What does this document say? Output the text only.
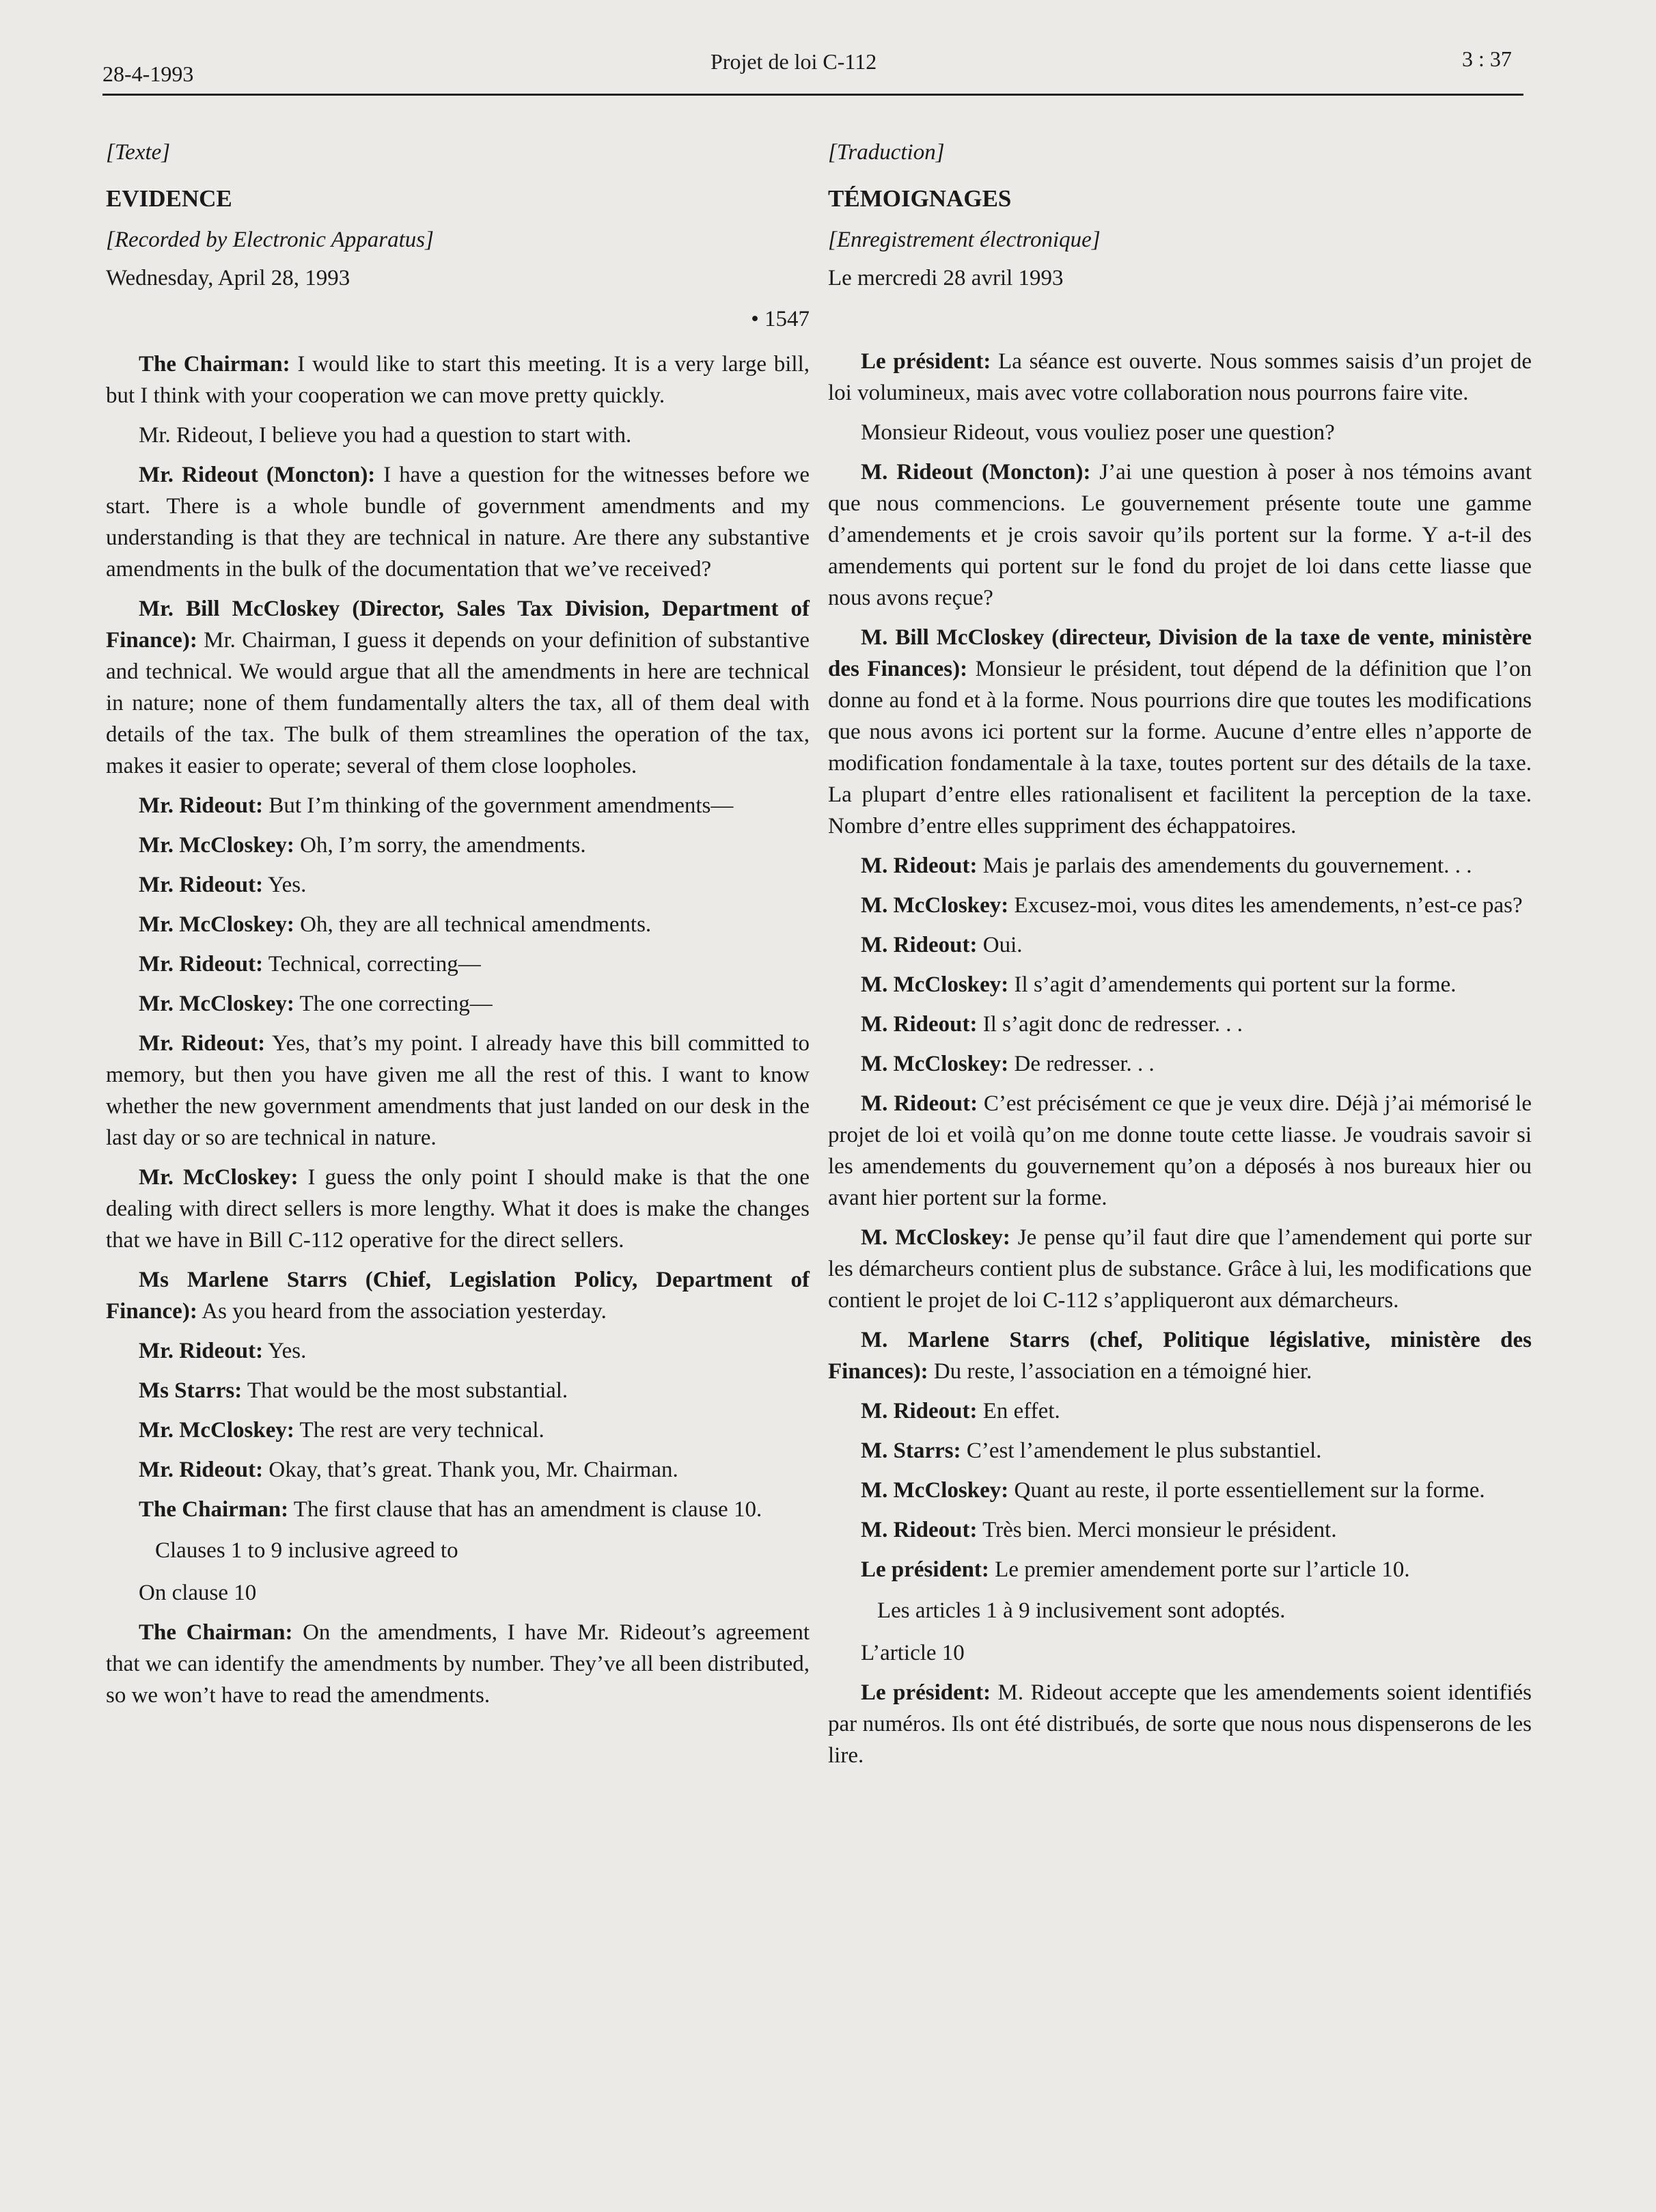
28-4-1993	Projet de loi C-112	3 : 37

[Texte]

EVIDENCE

[Recorded by Electronic Apparatus]

Wednesday, April 28, 1993

• 1547

The Chairman: I would like to start this meeting. It is a very large bill, but I think with your cooperation we can move pretty quickly.

Mr. Rideout, I believe you had a question to start with.

Mr. Rideout (Moncton): I have a question for the witnesses before we start. There is a whole bundle of government amendments and my understanding is that they are technical in nature. Are there any substantive amendments in the bulk of the documentation that we’ve received?

Mr. Bill McCloskey (Director, Sales Tax Division, Department of Finance): Mr. Chairman, I guess it depends on your definition of substantive and technical. We would argue that all the amendments in here are technical in nature; none of them fundamentally alters the tax, all of them deal with details of the tax. The bulk of them streamlines the operation of the tax, makes it easier to operate; several of them close loopholes.

Mr. Rideout: But I’m thinking of the government amendments—

Mr. McCloskey: Oh, I’m sorry, the amendments.

Mr. Rideout: Yes.

Mr. McCloskey: Oh, they are all technical amendments.

Mr. Rideout: Technical, correcting—

Mr. McCloskey: The one correcting—

Mr. Rideout: Yes, that’s my point. I already have this bill committed to memory, but then you have given me all the rest of this. I want to know whether the new government amendments that just landed on our desk in the last day or so are technical in nature.

Mr. McCloskey: I guess the only point I should make is that the one dealing with direct sellers is more lengthy. What it does is make the changes that we have in Bill C-112 operative for the direct sellers.

Ms Marlene Starrs (Chief, Legislation Policy, Department of Finance): As you heard from the association yesterday.

Mr. Rideout: Yes.

Ms Starrs: That would be the most substantial.

Mr. McCloskey: The rest are very technical.

Mr. Rideout: Okay, that’s great. Thank you, Mr. Chairman.

The Chairman: The first clause that has an amendment is clause 10.

Clauses 1 to 9 inclusive agreed to

On clause 10

The Chairman: On the amendments, I have Mr. Rideout’s agreement that we can identify the amendments by number. They’ve all been distributed, so we won’t have to read the amendments.

[Traduction]

TÉMOIGNAGES

[Enregistrement électronique]

Le mercredi 28 avril 1993

Le président: La séance est ouverte. Nous sommes saisis d’un projet de loi volumineux, mais avec votre collaboration nous pourrons faire vite.

Monsieur Rideout, vous vouliez poser une question?

M. Rideout (Moncton): J’ai une question à poser à nos témoins avant que nous commencions. Le gouvernement présente toute une gamme d’amendements et je crois savoir qu’ils portent sur la forme. Y a-t-il des amendements qui portent sur le fond du projet de loi dans cette liasse que nous avons reçue?

M. Bill McCloskey (directeur, Division de la taxe de vente, ministère des Finances): Monsieur le président, tout dépend de la définition que l’on donne au fond et à la forme. Nous pourrions dire que toutes les modifications que nous avons ici portent sur la forme. Aucune d’entre elles n’apporte de modification fondamentale à la taxe, toutes portent sur des détails de la taxe. La plupart d’entre elles rationalisent et facilitent la perception de la taxe. Nombre d’entre elles suppriment des échappatoires.

M. Rideout: Mais je parlais des amendements du gouvernement. . .

M. McCloskey: Excusez-moi, vous dites les amendements, n’est-ce pas?

M. Rideout: Oui.

M. McCloskey: Il s’agit d’amendements qui portent sur la forme.

M. Rideout: Il s’agit donc de redresser. . .

M. McCloskey: De redresser. . .

M. Rideout: C’est précisément ce que je veux dire. Déjà j’ai mémorisé le projet de loi et voilà qu’on me donne toute cette liasse. Je voudrais savoir si les amendements du gouvernement qu’on a déposés à nos bureaux hier ou avant hier portent sur la forme.

M. McCloskey: Je pense qu’il faut dire que l’amendement qui porte sur les démarcheurs contient plus de substance. Grâce à lui, les modifications que contient le projet de loi C-112 s’appliqueront aux démarcheurs.

M. Marlene Starrs (chef, Politique législative, ministère des Finances): Du reste, l’association en a témoigné hier.

M. Rideout: En effet.

M. Starrs: C’est l’amendement le plus substantiel.

M. McCloskey: Quant au reste, il porte essentiellement sur la forme.

M. Rideout: Très bien. Merci monsieur le président.

Le président: Le premier amendement porte sur l’article 10.

Les articles 1 à 9 inclusivement sont adoptés.

L’article 10

Le président: M. Rideout accepte que les amendements soient identifiés par numéros. Ils ont été distribués, de sorte que nous nous dispenserons de les lire.
